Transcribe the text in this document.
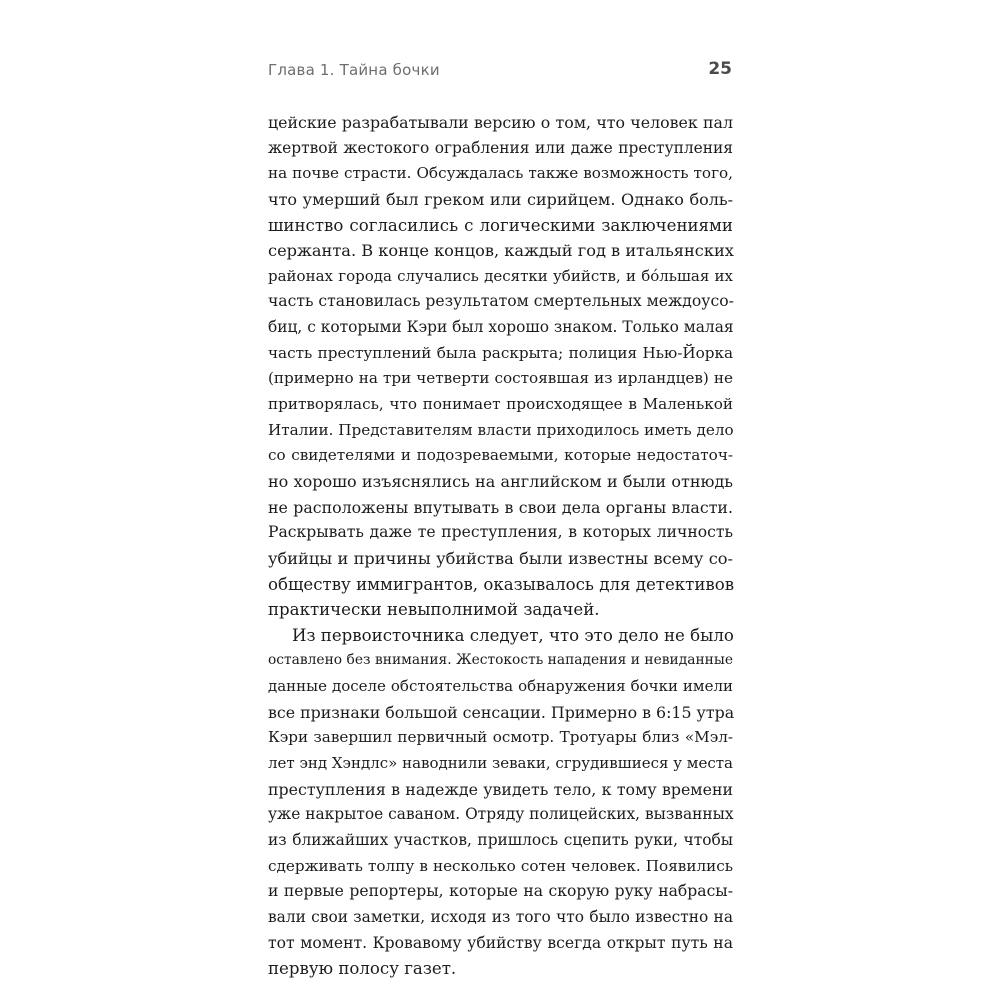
Глава 1. Тайна бочки	25
цейские разрабатывали версию о том, что человек пал
жертвой жестокого ограбления или даже преступления
на почве страсти. Обсуждалась также возможность того,
что умерший был греком или сирийцем. Однако боль-
шинство согласились с логическими заключениями
сержанта. В конце концов, каждый год в итальянских
районах города случались десятки убийств, и бóльшая их
часть становилась результатом смертельных междоусо-
биц, с которыми Кэри был хорошо знаком. Только малая
часть преступлений была раскрыта; полиция Нью-Йорка
(примерно на три четверти состоявшая из ирландцев) не
притворялась, что понимает происходящее в Маленькой
Италии. Представителям власти приходилось иметь дело
со свидетелями и подозреваемыми, которые недостаточ-
но хорошо изъяснялись на английском и были отнюдь
не расположены впутывать в свои дела органы власти.
Раскрывать даже те преступления, в которых личность
убийцы и причины убийства были известны всему со-
обществу иммигрантов, оказывалось для детективов
практически невыполнимой задачей.
Из первоисточника следует, что это дело не было
оставлено без внимания. Жестокость нападения и невиданные
данные доселе обстоятельства обнаружения бочки имели
все признаки большой сенсации. Примерно в 6:15 утра
Кэри завершил первичный осмотр. Тротуары близ «Мэл-
лет энд Хэндлс» наводнили зеваки, сгрудившиеся у места
преступления в надежде увидеть тело, к тому времени
уже накрытое саваном. Отряду полицейских, вызванных
из ближайших участков, пришлось сцепить руки, чтобы
сдерживать толпу в несколько сотен человек. Появились
и первые репортеры, которые на скорую руку набрасы-
вали свои заметки, исходя из того что было известно на
тот момент. Кровавому убийству всегда открыт путь на
первую полосу газет.
